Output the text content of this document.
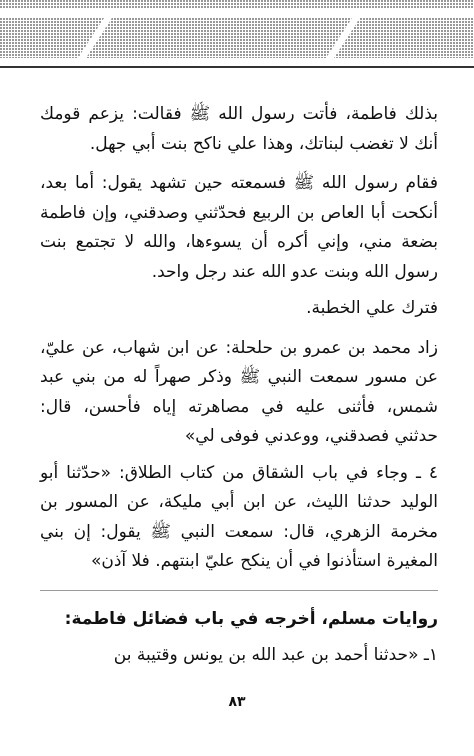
بذلك فاطمة، فأتت رسول الله ﷺ فقالت: يزعم قومك أنك لا تغضب لبناتك، وهذا علي ناكح بنت أبي جهل.

فقام رسول الله ﷺ فسمعته حين تشهد يقول: أما بعد، أنكحت أبا العاص بن الربيع فحدّثني وصدقني، وإن فاطمة بضعة مني، وإني أكره أن يسوءها، والله لا تجتمع بنت رسول الله وبنت عدو الله عند رجل واحد.

فترك علي الخطبة.

زاد محمد بن عمرو بن حلحلة: عن ابن شهاب، عن عليّ، عن مسور سمعت النبي ﷺ وذكر صهراً له من بني عبد شمس، فأثنى عليه في مصاهرته إياه فأحسن، قال: حدثني فصدقني، ووعدني فوفى لي»

٤ ـ وجاء في باب الشقاق من كتاب الطلاق: «حدّثنا أبو الوليد حدثنا الليث، عن ابن أبي مليكة، عن المسور بن مخرمة الزهري، قال: سمعت النبي ﷺ يقول: إن بني المغيرة استأذنوا في أن ينكح عليّ ابنتهم. فلا آذن»

روايات مسلم، أخرجه في باب فضائل فاطمة:

١ـ «حدثنا أحمد بن عبد الله بن يونس وقتيبة بن

٨٣
